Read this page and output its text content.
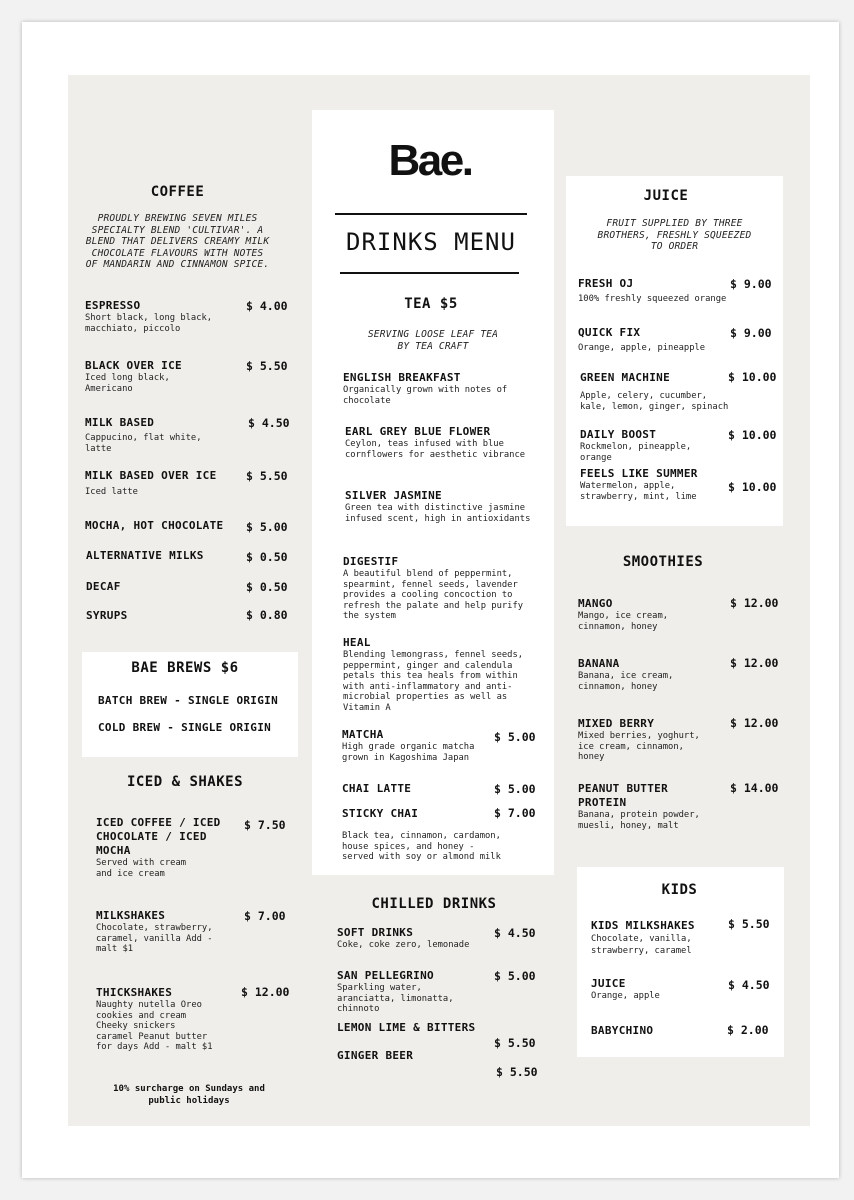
COFFEE
PROUDLY BREWING SEVEN MILES SPECIALTY BLEND 'CULTIVAR'. A BLEND THAT DELIVERS CREAMY MILK CHOCOLATE FLAVOURS WITH NOTES OF MANDARIN AND CINNAMON SPICE.
ESPRESSO
Short black, long black, macchiato, piccolo
$ 4.00
BLACK OVER ICE
Iced long black, Americano
$ 5.50
MILK BASED
Cappucino, flat white, latte
$ 4.50
MILK BASED OVER ICE
Iced latte
$ 5.50
MOCHA, HOT CHOCOLATE $ 5.00
ALTERNATIVE MILKS	$ 0.50
DECAF	$ 0.50
SYRUPS	$ 0.80
BAE BREWS $6
BATCH BREW - SINGLE ORIGIN
COLD BREW - SINGLE ORIGIN
ICED & SHAKES
ICED COFFEE / ICED CHOCOLATE / ICED MOCHA
Served with cream and ice cream
$ 7.50
MILKSHAKES
Chocolate, strawberry, caramel, vanilla Add - malt $1
$ 7.00
THICKSHAKES
Naughty nutella Oreo cookies and cream Cheeky snickers caramel Peanut butter for days Add - malt $1
$ 12.00
10% surcharge on Sundays and public holidays
Bae.
DRINKS MENU
TEA $5
SERVING LOOSE LEAF TEA BY TEA CRAFT
ENGLISH BREAKFAST
Organically grown with notes of chocolate
EARL GREY BLUE FLOWER
Ceylon, teas infused with blue cornflowers for aesthetic vibrance
SILVER JASMINE
Green tea with distinctive jasmine infused scent, high in antioxidants
DIGESTIF
A beautiful blend of peppermint, spearmint, fennel seeds, lavender provides a cooling concoction to refresh the palate and help purify the system
HEAL
Blending lemongrass, fennel seeds, peppermint, ginger and calendula petals this tea heals from within with anti-inflammatory and anti-microbial properties as well as Vitamin A
MATCHA
High grade organic matcha grown in Kagoshima Japan
$ 5.00
CHAI LATTE	$ 5.00
STICKY CHAI
Black tea, cinnamon, cardamon, house spices, and honey - served with soy or almond milk
$ 7.00
CHILLED DRINKS
SOFT DRINKS
Coke, coke zero, lemonade
$ 4.50
SAN PELLEGRINO
Sparkling water, aranciatta, limonatta, chinnoto
$ 5.00
LEMON LIME & BITTERS
$ 5.50
GINGER BEER
$ 5.50
JUICE
FRUIT SUPPLIED BY THREE BROTHERS, FRESHLY SQUEEZED TO ORDER
FRESH OJ
100% freshly squeezed orange
$ 9.00
QUICK FIX
Orange, apple, pineapple
$ 9.00
GREEN MACHINE
Apple, celery, cucumber, kale, lemon, ginger, spinach
$ 10.00
DAILY BOOST
Rockmelon, pineapple, orange
$ 10.00
FEELS LIKE SUMMER
Watermelon, apple, strawberry, mint, lime
$ 10.00
SMOOTHIES
MANGO
Mango, ice cream, cinnamon, honey
$ 12.00
BANANA
Banana, ice cream, cinnamon, honey
$ 12.00
MIXED BERRY
Mixed berries, yoghurt, ice cream, cinnamon, honey
$ 12.00
PEANUT BUTTER PROTEIN
Banana, protein powder, muesli, honey, malt
$ 14.00
KIDS
KIDS MILKSHAKES
Chocolate, vanilla, strawberry, caramel
$ 5.50
JUICE
Orange, apple
$ 4.50
BABYCHINO	$ 2.00
